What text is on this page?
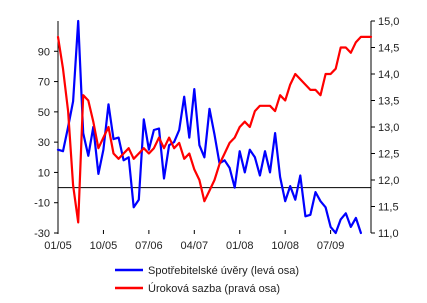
-30
-10
10
30
50
70
90
11,0
11,5
12,0
12,5
13,0
13,5
14,0
14,5
15,0
01/05 10/05 07/06 04/07 01/08 10/08 07/09
Spotřebitelské úvěry (levá osa)
Úroková sazba (pravá osa)
